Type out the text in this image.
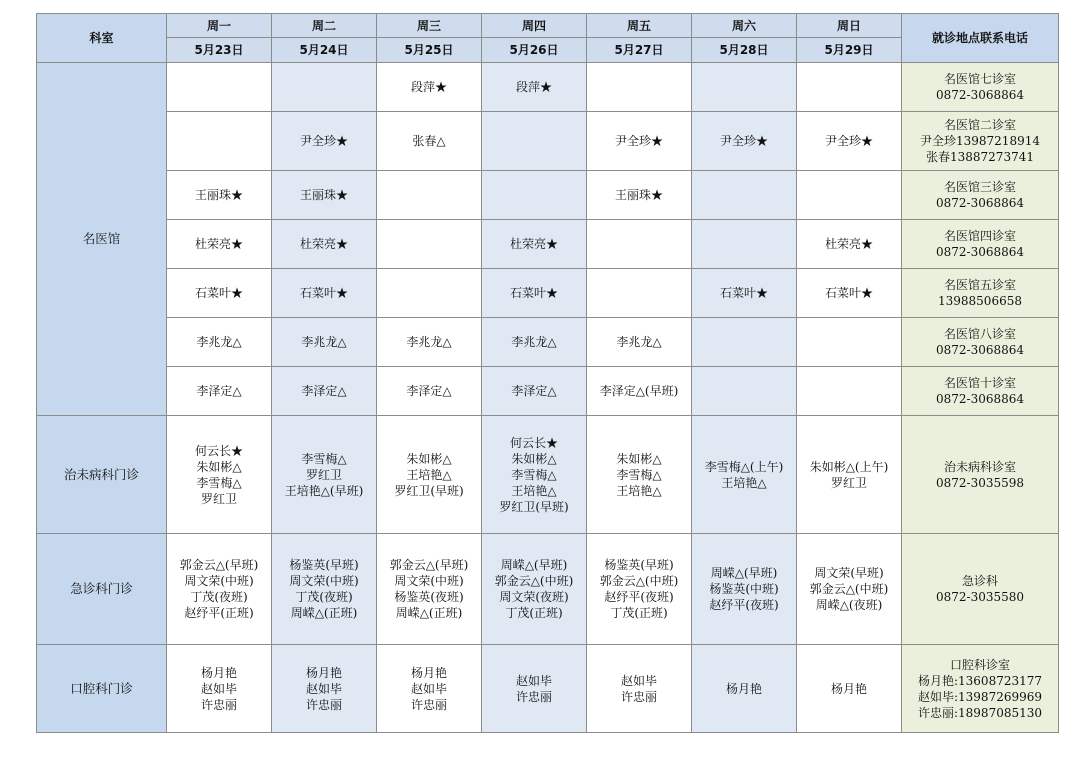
科室	周一	周二	周三	周四	周五	周六	周日	就诊地点联系电话
	5月23日	5月24日	5月25日	5月26日	5月27日	5月28日	5月29日	
名医馆			段萍★	段萍★				名医馆七诊室
0872-3068864

		尹全珍★	张春△		尹全珍★	尹全珍★	尹全珍★	名医馆二诊室
尹全珍13987218914
张春13887273741

	王丽珠★	王丽珠★			王丽珠★			名医馆三诊室
0872-3068864

	杜荣亮★	杜荣亮★		杜荣亮★			杜荣亮★	名医馆四诊室
0872-3068864

	石菜叶★	石菜叶★		石菜叶★		石菜叶★	石菜叶★	名医馆五诊室
13988506658

	李兆龙△	李兆龙△	李兆龙△	李兆龙△	李兆龙△			名医馆八诊室
0872-3068864

	李泽定△	李泽定△	李泽定△	李泽定△	李泽定△(早班)			名医馆十诊室
0872-3068864

治未病科门诊	何云长★
朱如彬△
李雪梅△
罗红卫	李雪梅△
罗红卫
王培艳△(早班)	朱如彬△
王培艳△
罗红卫(早班)	何云长★
朱如彬△
李雪梅△
王培艳△
罗红卫(早班)	朱如彬△
李雪梅△
王培艳△	李雪梅△(上午)
王培艳△	朱如彬△(上午)
罗红卫	治未病科诊室
0872-3035598

急诊科门诊	郭金云△(早班)
周文荣(中班)
丁茂(夜班)
赵纾平(正班)	杨鉴英(早班)
周文荣(中班)
丁茂(夜班)
周嵘△(正班)	郭金云△(早班)
周文荣(中班)
杨鉴英(夜班)
周嵘△(正班)	周嵘△(早班)
郭金云△(中班)
周文荣(夜班)
丁茂(正班)	杨鉴英(早班)
郭金云△(中班)
赵纾平(夜班)
丁茂(正班)	周嵘△(早班)
杨鉴英(中班)
赵纾平(夜班)	周文荣(早班)
郭金云△(中班)
周嵘△(夜班)	急诊科
0872-3035580

口腔科门诊	杨月艳
赵如毕
许忠丽	杨月艳
赵如毕
许忠丽	杨月艳
赵如毕
许忠丽	赵如毕
许忠丽	赵如毕
许忠丽	杨月艳	杨月艳	口腔科诊室
杨月艳:13608723177
赵如毕:13987269969
许忠丽:18987085130
